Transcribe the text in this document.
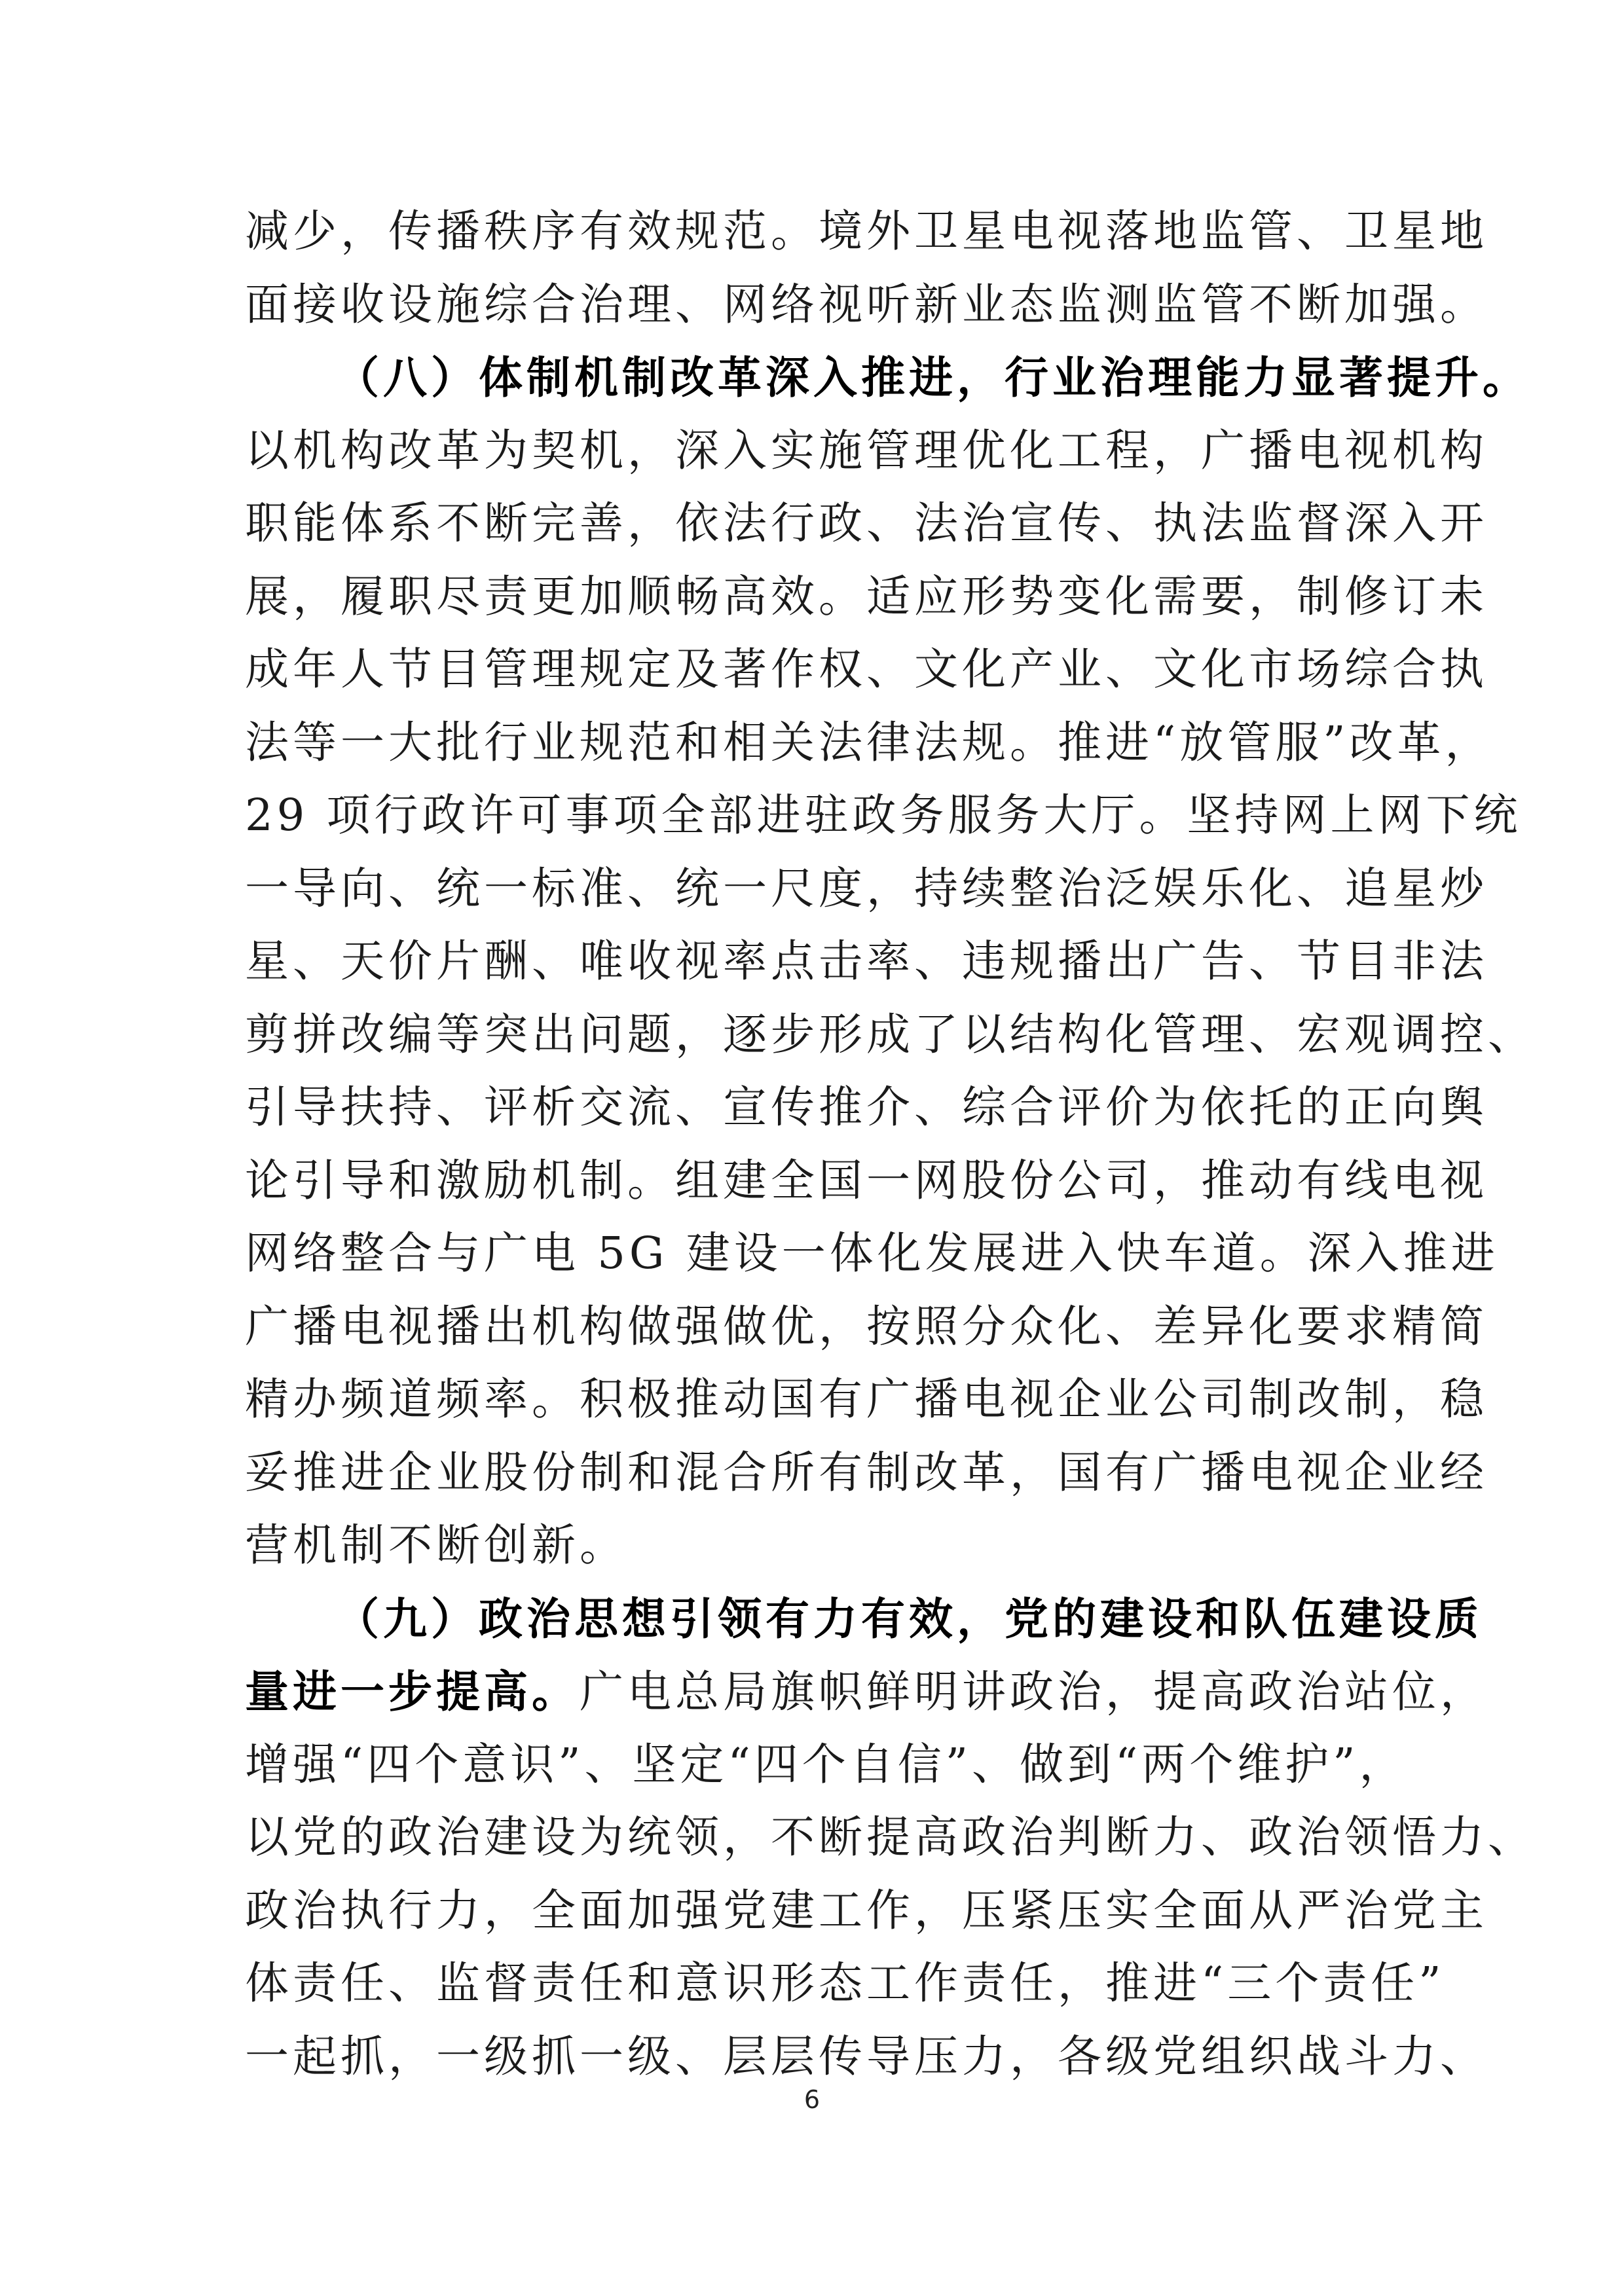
减少，传播秩序有效规范。境外卫星电视落地监管、卫星地
面接收设施综合治理、网络视听新业态监测监管不断加强。
（八）体制机制改革深入推进，行业治理能力显著提升。
以机构改革为契机，深入实施管理优化工程，广播电视机构
职能体系不断完善，依法行政、法治宣传、执法监督深入开
展，履职尽责更加顺畅高效。适应形势变化需要，制修订未
成年人节目管理规定及著作权、文化产业、文化市场综合执
法等一大批行业规范和相关法律法规。推进“放管服”改革，
29 项行政许可事项全部进驻政务服务大厅。坚持网上网下统
一导向、统一标准、统一尺度，持续整治泛娱乐化、追星炒
星、天价片酬、唯收视率点击率、违规播出广告、节目非法
剪拼改编等突出问题，逐步形成了以结构化管理、宏观调控、
引导扶持、评析交流、宣传推介、综合评价为依托的正向舆
论引导和激励机制。组建全国一网股份公司，推动有线电视
网络整合与广电 5G 建设一体化发展进入快车道。深入推进
广播电视播出机构做强做优，按照分众化、差异化要求精简
精办频道频率。积极推动国有广播电视企业公司制改制，稳
妥推进企业股份制和混合所有制改革，国有广播电视企业经
营机制不断创新。
（九）政治思想引领有力有效，党的建设和队伍建设质
量进一步提高。广电总局旗帜鲜明讲政治，提高政治站位，
增强“四个意识”、坚定“四个自信”、做到“两个维护”，
以党的政治建设为统领，不断提高政治判断力、政治领悟力、
政治执行力，全面加强党建工作，压紧压实全面从严治党主
体责任、监督责任和意识形态工作责任，推进“三个责任”
一起抓，一级抓一级、层层传导压力，各级党组织战斗力、
6
